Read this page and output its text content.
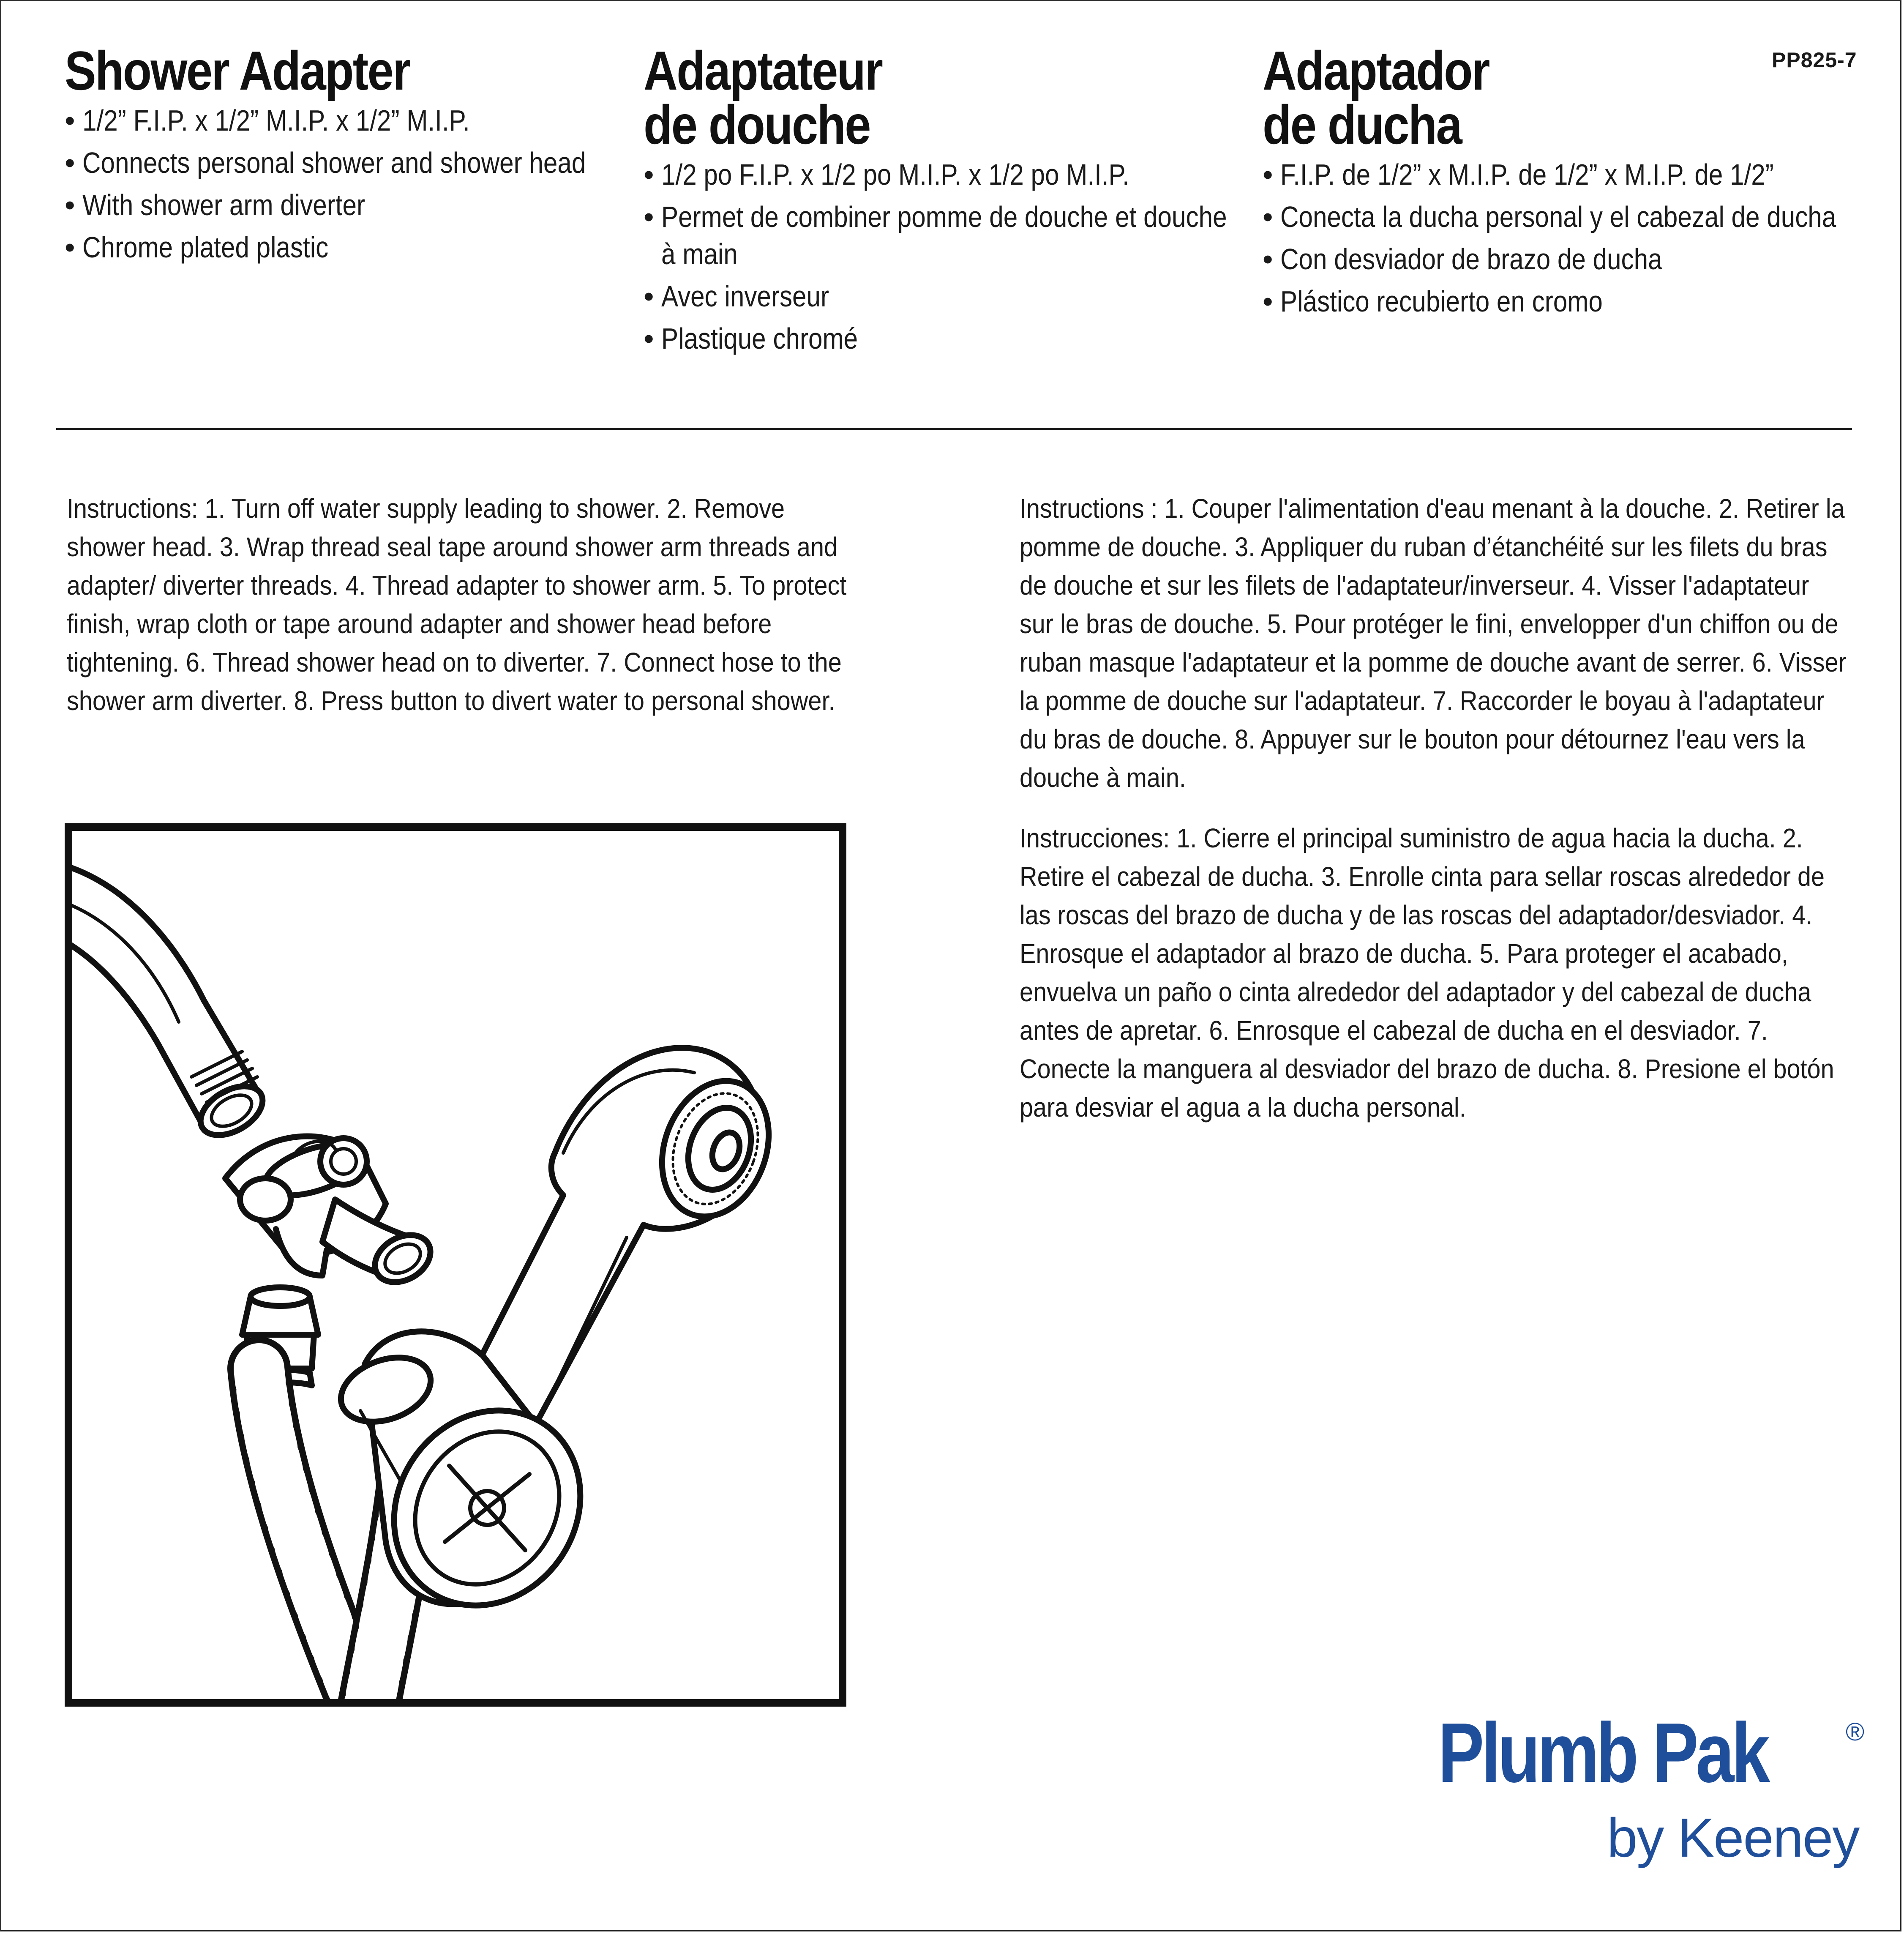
PP825-7
Shower Adapter
• 1/2” F.I.P. x 1/2” M.I.P. x 1/2” M.I.P.
• Connects personal shower and shower head
• With shower arm diverter
• Chrome plated plastic
Adaptateur
de douche
• 1/2 po F.I.P. x 1/2 po M.I.P. x 1/2 po M.I.P.
• Permet de combiner pomme de douche et douche à main
• Avec inverseur
• Plastique chromé
Adaptador
de ducha
• F.I.P. de 1/2” x M.I.P. de 1/2” x M.I.P. de 1/2”
• Conecta la ducha personal y el cabezal de ducha
• Con desviador de brazo de ducha
• Plástico recubierto en cromo

Instructions: 1. Turn off water supply leading to shower. 2. Remove shower head. 3. Wrap thread seal tape around shower arm threads and adapter/ diverter threads. 4. Thread adapter to shower arm. 5. To protect finish, wrap cloth or tape around adapter and shower head before tightening. 6. Thread shower head on to diverter. 7. Connect hose to the shower arm diverter. 8. Press button to divert water to personal shower.

Instructions : 1. Couper l'alimentation d'eau menant à la douche. 2. Retirer la pomme de douche. 3. Appliquer du ruban d’étanchéité sur les filets du bras de douche et sur les filets de l'adaptateur/inverseur. 4. Visser l'adaptateur sur le bras de douche. 5. Pour protéger le fini, envelopper d'un chiffon ou de ruban masque l'adaptateur et la pomme de douche avant de serrer. 6. Visser la pomme de douche sur l'adaptateur. 7. Raccorder le boyau à l'adaptateur du bras de douche. 8. Appuyer sur le bouton pour détournez l'eau vers la douche à main.

Instrucciones: 1. Cierre el principal suministro de agua hacia la ducha. 2. Retire el cabezal de ducha. 3. Enrolle cinta para sellar roscas alrededor de las roscas del brazo de ducha y de las roscas del adaptador/desviador. 4. Enrosque el adaptador al brazo de ducha. 5. Para proteger el acabado, envuelva un paño o cinta alrededor del adaptador y del cabezal de ducha antes de apretar. 6. Enrosque el cabezal de ducha en el desviador. 7. Conecte la manguera al desviador del brazo de ducha. 8. Presione el botón para desviar el agua a la ducha personal.

Plumb Pak	®
by Keeney
